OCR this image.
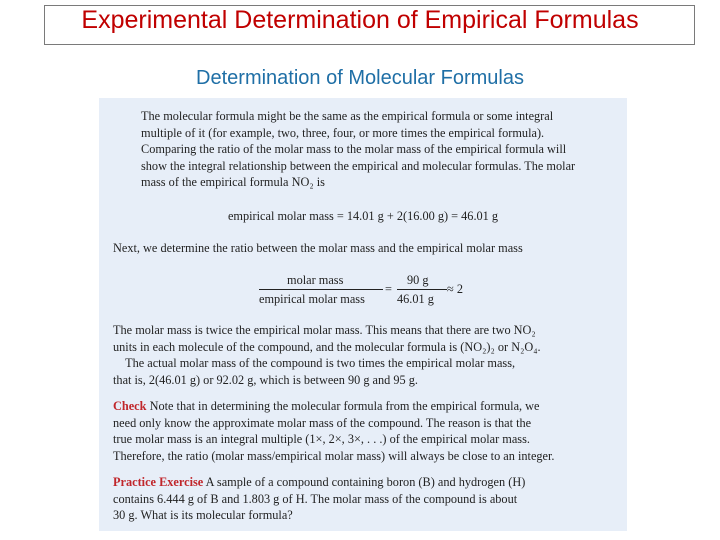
Experimental Determination of Empirical Formulas
Determination of Molecular Formulas
The molecular formula might be the same as the empirical formula or some integral
multiple of it (for example, two, three, four, or more times the empirical formula).
Comparing the ratio of the molar mass to the molar mass of the empirical formula will
show the integral relationship between the empirical and molecular formulas. The molar
mass of the empirical formula NO₂ is
empirical molar mass = 14.01 g + 2(16.00 g) = 46.01 g
Next, we determine the ratio between the molar mass and the empirical molar mass
molar mass
empirical molar mass
=
90 g
46.01 g
≈ 2
The molar mass is twice the empirical molar mass. This means that there are two NO₂
units in each molecule of the compound, and the molecular formula is (NO₂)₂ or N₂O₄.
The actual molar mass of the compound is two times the empirical molar mass,
that is, 2(46.01 g) or 92.02 g, which is between 90 g and 95 g.
Check Note that in determining the molecular formula from the empirical formula, we
need only know the approximate molar mass of the compound. The reason is that the
true molar mass is an integral multiple (1×, 2×, 3×, . . .) of the empirical molar mass.
Therefore, the ratio (molar mass/empirical molar mass) will always be close to an integer.
Practice Exercise A sample of a compound containing boron (B) and hydrogen (H)
contains 6.444 g of B and 1.803 g of H. The molar mass of the compound is about
30 g. What is its molecular formula?
